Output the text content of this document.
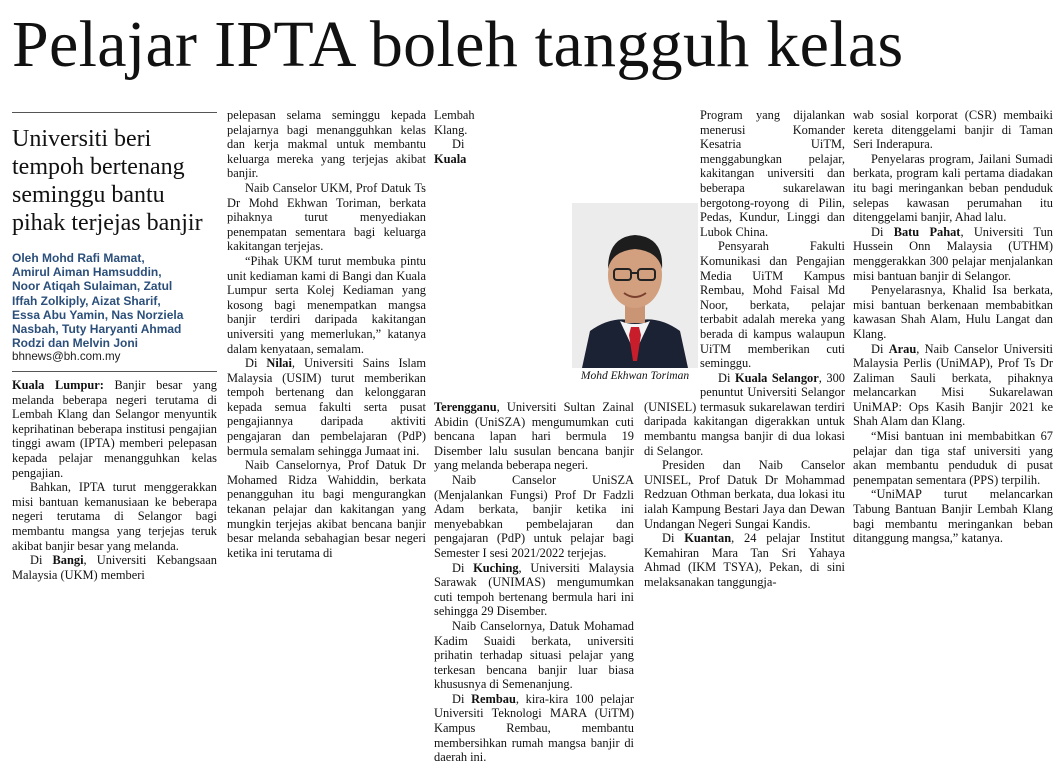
Pelajar IPTA boleh tangguh kelas
Universiti beri
tempoh bertenang
seminggu bantu
pihak terjejas banjir
Oleh Mohd Rafi Mamat,
Amirul Aiman Hamsuddin,
Noor Atiqah Sulaiman, Zatul
Iffah Zolkiply, Aizat Sharif,
Essa Abu Yamin, Nas Norziela
Nasbah, Tuty Haryanti Ahmad
Rodzi dan Melvin Joni
bhnews@bh.com.my

Kuala Lumpur: Banjir besar yang melanda beberapa negeri terutama di Lembah Klang dan Selangor menyuntik keprihatinan beberapa institusi pengajian tinggi awam (IPTA) memberi pelepasan kepada pelajar menangguhkan kelas pengajian.

Bahkan, IPTA turut menggerakkan misi bantuan kemanusiaan ke beberapa negeri terutama di Selangor bagi membantu mangsa yang terjejas teruk akibat banjir besar yang melanda.

Di Bangi, Universiti Kebangsaan Malaysia (UKM) memberi

pelepasan selama seminggu kepada pelajarnya bagi menangguhkan kelas dan kerja makmal untuk membantu keluarga mereka yang terjejas akibat banjir.

Naib Canselor UKM, Prof Datuk Ts Dr Mohd Ekhwan Toriman, berkata pihaknya turut menyediakan penempatan sementara bagi keluarga kakitangan terjejas.

“Pihak UKM turut membuka pintu unit kediaman kami di Bangi dan Kuala Lumpur serta Kolej Kediaman yang kosong bagi menempatkan mangsa banjir terdiri daripada kakitangan universiti yang memerlukan,” katanya dalam kenyataan, semalam.

Di Nilai, Universiti Sains Islam Malaysia (USIM) turut memberikan tempoh bertenang dan kelonggaran kepada semua fakulti serta pusat pengajiannya daripada aktiviti pengajaran dan pembelajaran (PdP) bermula semalam sehingga Jumaat ini.

Naib Canselornya, Prof Datuk Dr Mohamed Ridza Wahiddin, berkata penangguhan itu bagi mengurangkan tekanan pelajar dan kakitangan yang mungkin terjejas akibat bencana banjir besar melanda sebahagian besar negeri ketika ini terutama di

Lembah Klang.

Di Kuala Terengganu, Universiti Sultan Zainal Abidin (UniSZA) mengumumkan cuti bencana lapan hari bermula 19 Disember lalu susulan bencana banjir yang melanda beberapa negeri.

Naib Canselor UniSZA (Menjalankan Fungsi) Prof Dr Fadzli Adam berkata, banjir ketika ini menyebabkan pembelajaran dan pengajaran (PdP) untuk pelajar bagi Semester I sesi 2021/2022 terjejas.

Di Kuching, Universiti Malaysia Sarawak (UNIMAS) mengumumkan cuti tempoh bertenang bermula hari ini sehingga 29 Disember.

Naib Canselornya, Datuk Mohamad Kadim Suaidi berkata, universiti prihatin terhadap situasi pelajar yang terkesan bencana banjir luar biasa khususnya di Semenanjung.

Di Rembau, kira-kira 100 pelajar Universiti Teknologi MARA (UiTM) Kampus Rembau, membantu membersihkan rumah mangsa banjir di daerah ini.

Program yang dijalankan menerusi Komander Kesatria UiTM, menggabungkan pelajar, kakitangan universiti dan beberapa sukarelawan bergotong-royong di Pilin, Pedas, Kundur, Linggi dan Lubok China.

Pensyarah Fakulti Komunikasi dan Pengajian Media UiTM Kampus Rembau, Mohd Faisal Md Noor, berkata, pelajar terbabit adalah mereka yang berada di kampus walaupun UiTM memberikan cuti seminggu.

Di Kuala Selangor, 300 penuntut Universiti Selangor (UNISEL) termasuk sukarelawan terdiri daripada kakitangan digerakkan untuk membantu mangsa banjir di dua lokasi di Selangor.

Presiden dan Naib Canselor UNISEL, Prof Datuk Dr Mohammad Redzuan Othman berkata, dua lokasi itu ialah Kampung Bestari Jaya dan Dewan Undangan Negeri Sungai Kandis.

Di Kuantan, 24 pelajar Institut Kemahiran Mara Tan Sri Yahaya Ahmad (IKM TSYA), Pekan, di sini melaksanakan tanggungja-

wab sosial korporat (CSR) membaiki kereta ditenggelami banjir di Taman Seri Inderapura.

Penyelaras program, Jailani Sumadi berkata, program kali pertama diadakan itu bagi meringankan beban penduduk selepas kawasan perumahan itu ditenggelami banjir, Ahad lalu.

Di Batu Pahat, Universiti Tun Hussein Onn Malaysia (UTHM) menggerakkan 300 pelajar menjalankan misi bantuan banjir di Selangor.

Penyelarasnya, Khalid Isa berkata, misi bantuan berkenaan membabitkan kawasan Shah Alam, Hulu Langat dan Klang.

Di Arau, Naib Canselor Universiti Malaysia Perlis (UniMAP), Prof Ts Dr Zaliman Sauli berkata, pihaknya melancarkan Misi Sukarelawan UniMAP: Ops Kasih Banjir 2021 ke Shah Alam dan Klang.

“Misi bantuan ini membabitkan 67 pelajar dan tiga staf universiti yang akan membantu penduduk di pusat penempatan sementara (PPS) terpilih.

“UniMAP turut melancarkan Tabung Bantuan Banjir Lembah Klang bagi membantu meringankan beban ditanggung mangsa,” katanya.

Mohd Ekhwan Toriman
